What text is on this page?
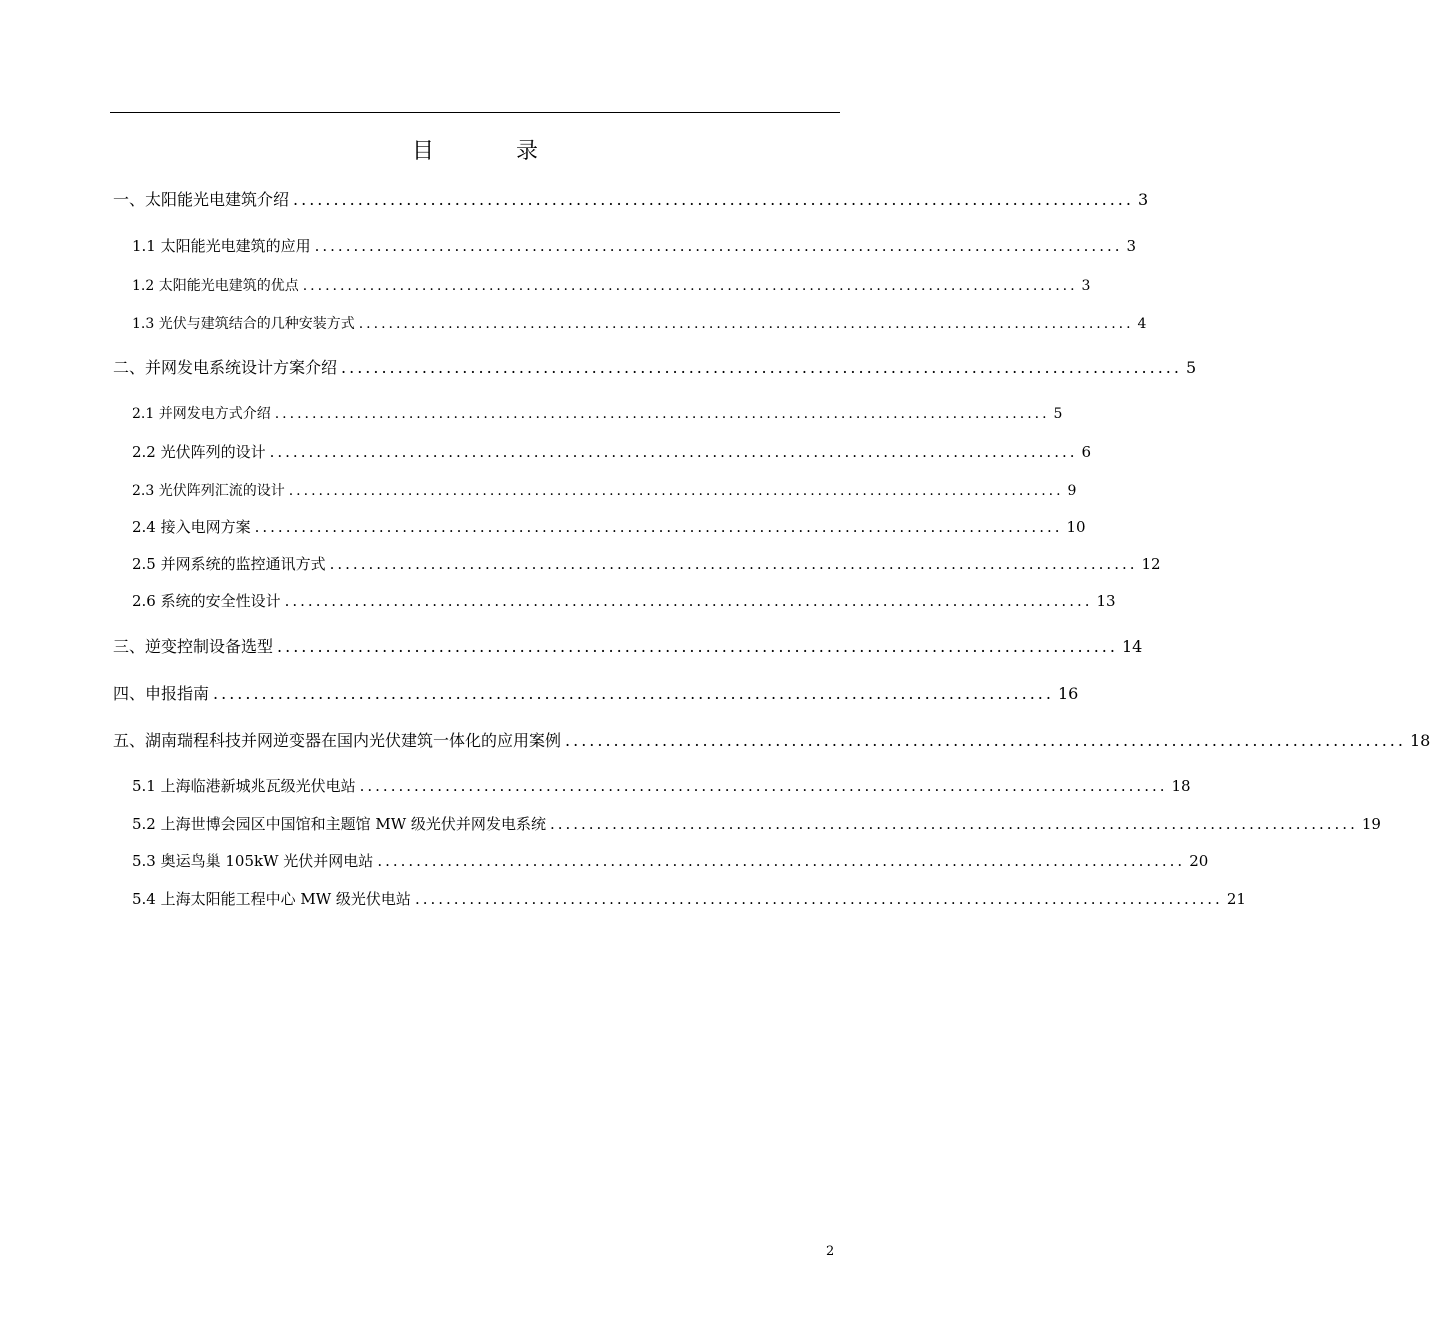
目　录
一、太阳能光电建筑介绍 ........................................................................................................ 3
1.1 太阳能光电建筑的应用 ........................................................................................................ 3
1.2 太阳能光电建筑的优点 ........................................................................................................ 3
1.3 光伏与建筑结合的几种安装方式 ........................................................................................................ 4
二、并网发电系统设计方案介绍 ........................................................................................................ 5
2.1 并网发电方式介绍 ........................................................................................................ 5
2.2 光伏阵列的设计 ........................................................................................................ 6
2.3 光伏阵列汇流的设计 ........................................................................................................ 9
2.4 接入电网方案 ........................................................................................................ 10
2.5 并网系统的监控通讯方式 ........................................................................................................ 12
2.6 系统的安全性设计 ........................................................................................................ 13
三、逆变控制设备选型 ........................................................................................................ 14
四、申报指南 ........................................................................................................ 16
五、湖南瑞程科技并网逆变器在国内光伏建筑一体化的应用案例 ........................................................................................................ 18
5.1 上海临港新城兆瓦级光伏电站 ........................................................................................................ 18
5.2 上海世博会园区中国馆和主题馆 MW 级光伏并网发电系统 ........................................................................................................ 19
5.3 奥运鸟巢 105kW 光伏并网电站 ........................................................................................................ 20
5.4 上海太阳能工程中心 MW 级光伏电站 ........................................................................................................ 21
2
